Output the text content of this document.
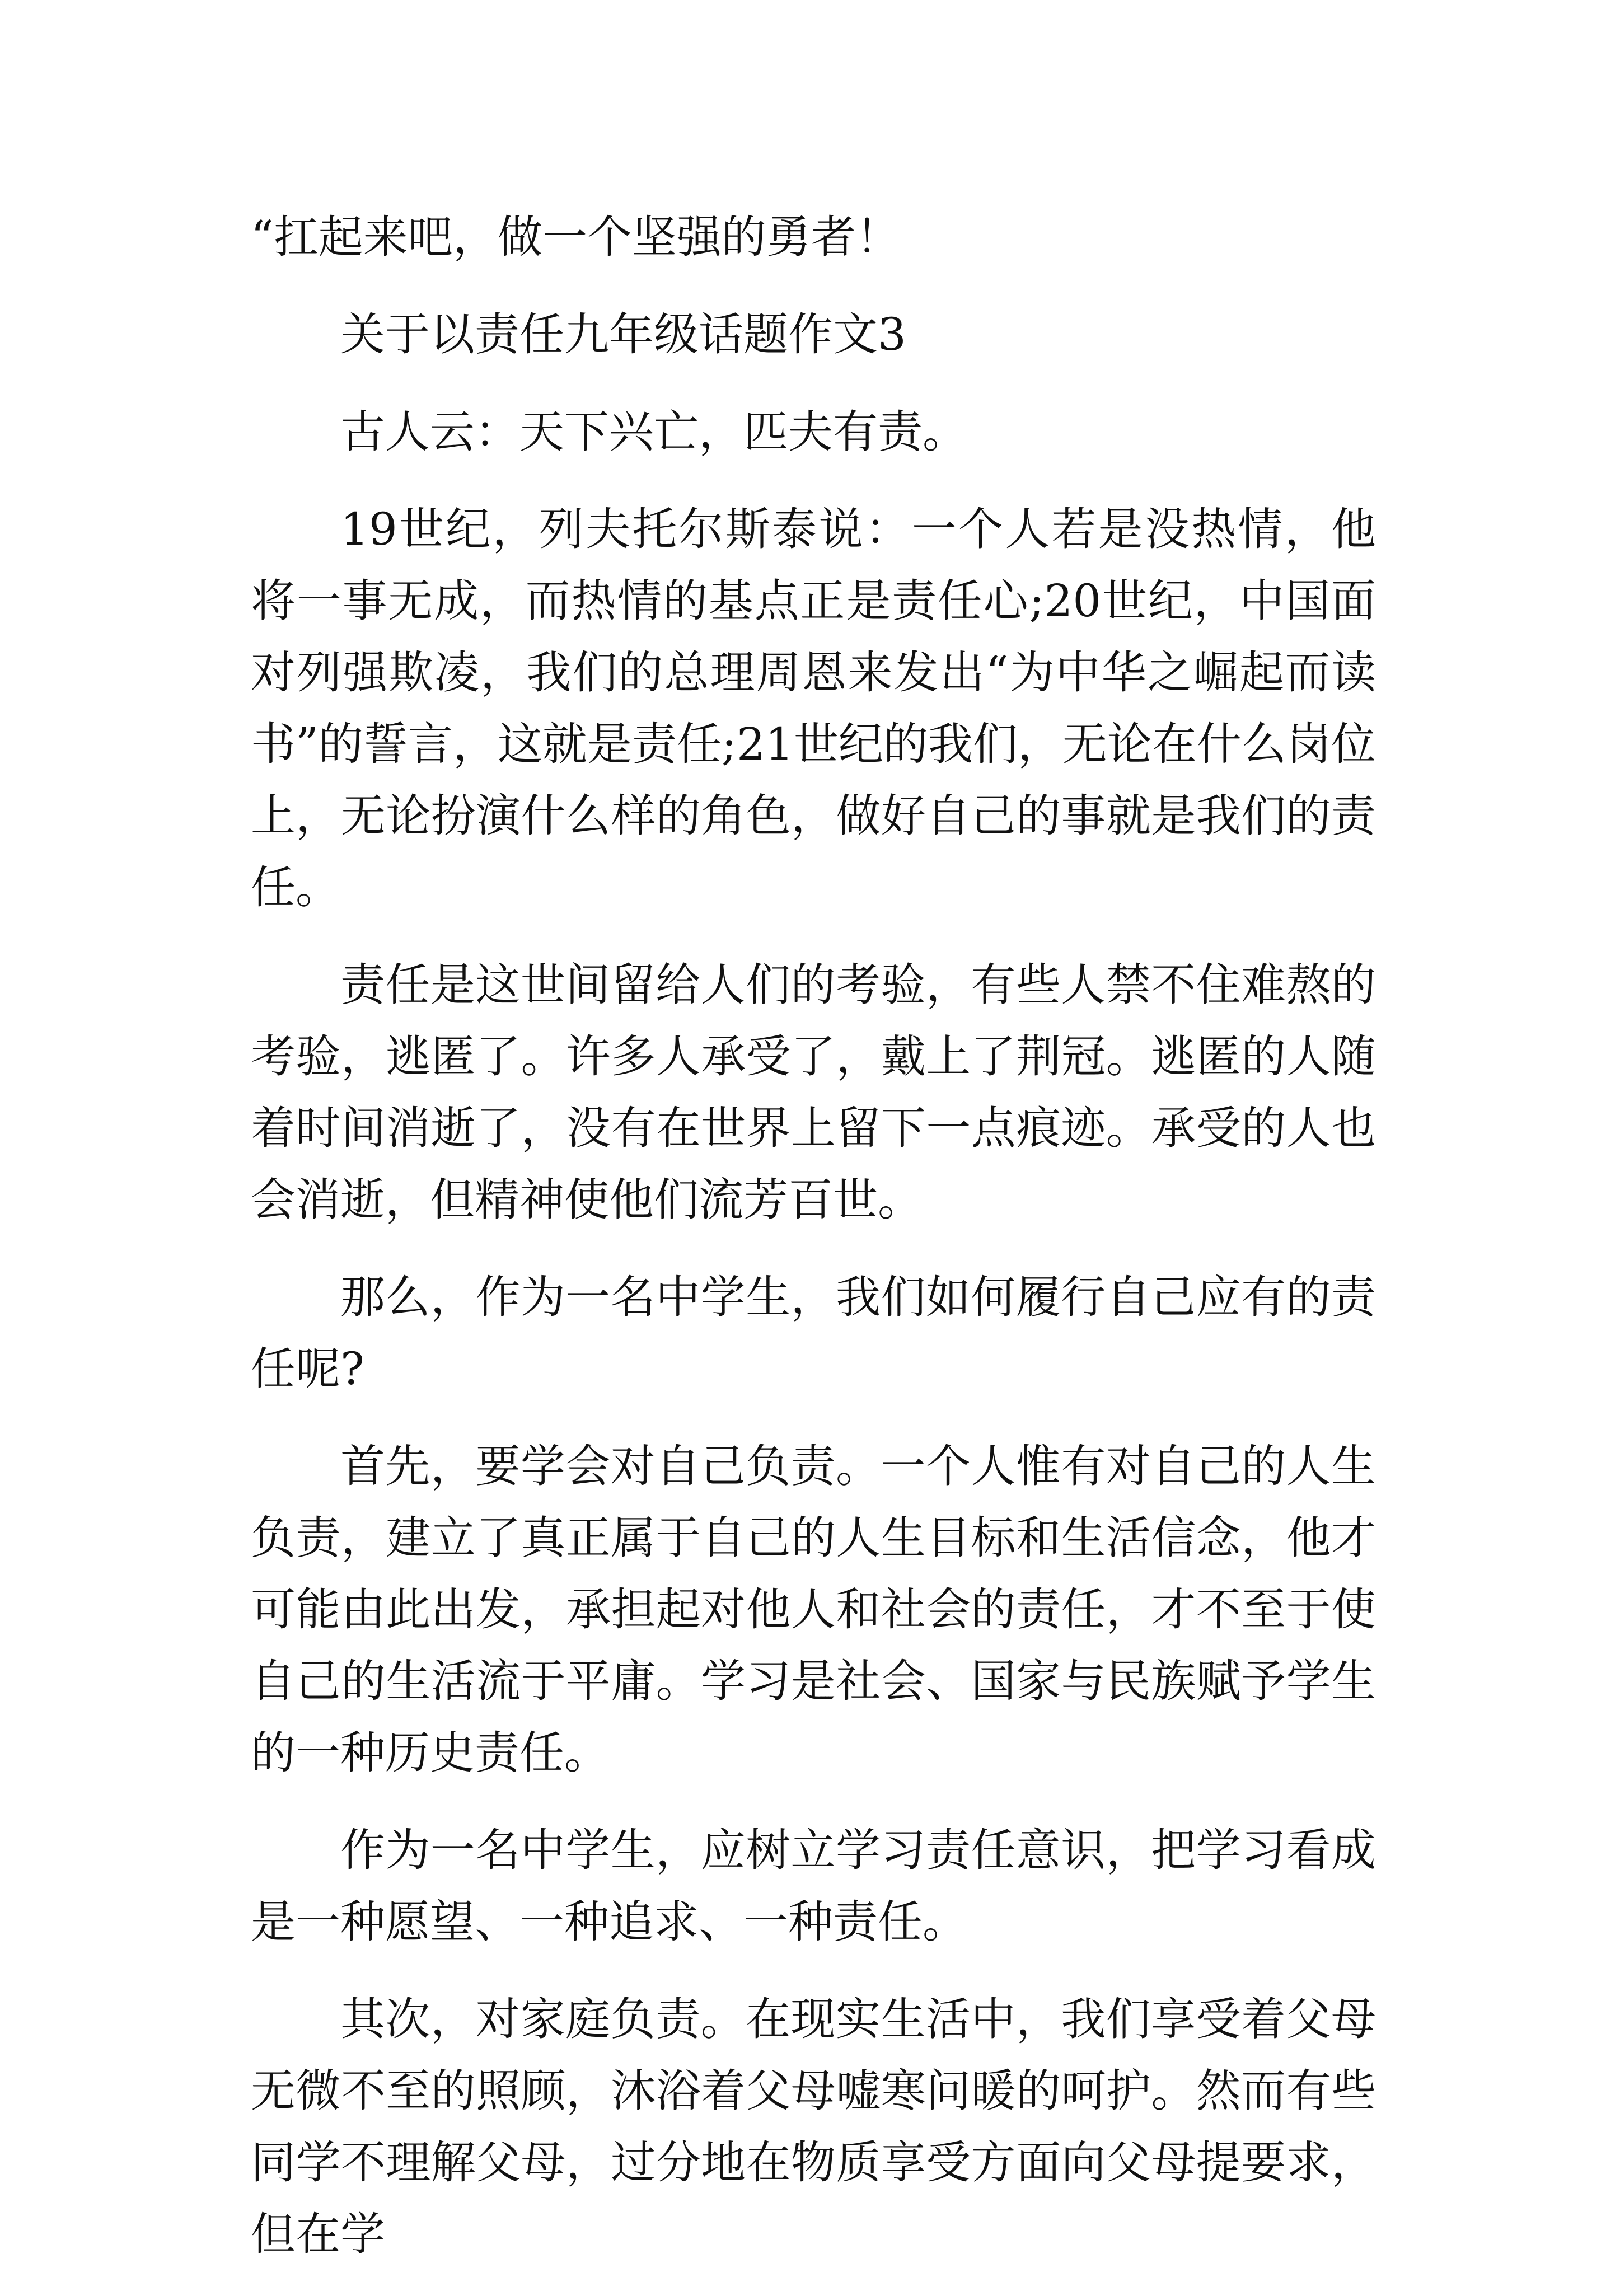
“扛起来吧，做一个坚强的勇者！

关于以责任九年级话题作文3

古人云：天下兴亡，匹夫有责。

19世纪，列夫托尔斯泰说：一个人若是没热情，他将一事无成，而热情的基点正是责任心;20世纪，中国面对列强欺凌，我们的总理周恩来发出“为中华之崛起而读书”的誓言，这就是责任;21世纪的我们，无论在什么岗位上，无论扮演什么样的角色，做好自己的事就是我们的责任。

责任是这世间留给人们的考验，有些人禁不住难熬的考验，逃匿了。许多人承受了，戴上了荆冠。逃匿的人随着时间消逝了，没有在世界上留下一点痕迹。承受的人也会消逝，但精神使他们流芳百世。

那么，作为一名中学生，我们如何履行自己应有的责任呢?

首先，要学会对自己负责。一个人惟有对自己的人生负责，建立了真正属于自己的人生目标和生活信念，他才可能由此出发，承担起对他人和社会的责任，才不至于使自己的生活流于平庸。学习是社会、国家与民族赋予学生的一种历史责任。

作为一名中学生，应树立学习责任意识，把学习看成是一种愿望、一种追求、一种责任。

其次，对家庭负责。在现实生活中，我们享受着父母无微不至的照顾，沐浴着父母嘘寒问暖的呵护。然而有些同学不理解父母，过分地在物质享受方面向父母提要求，但在学
